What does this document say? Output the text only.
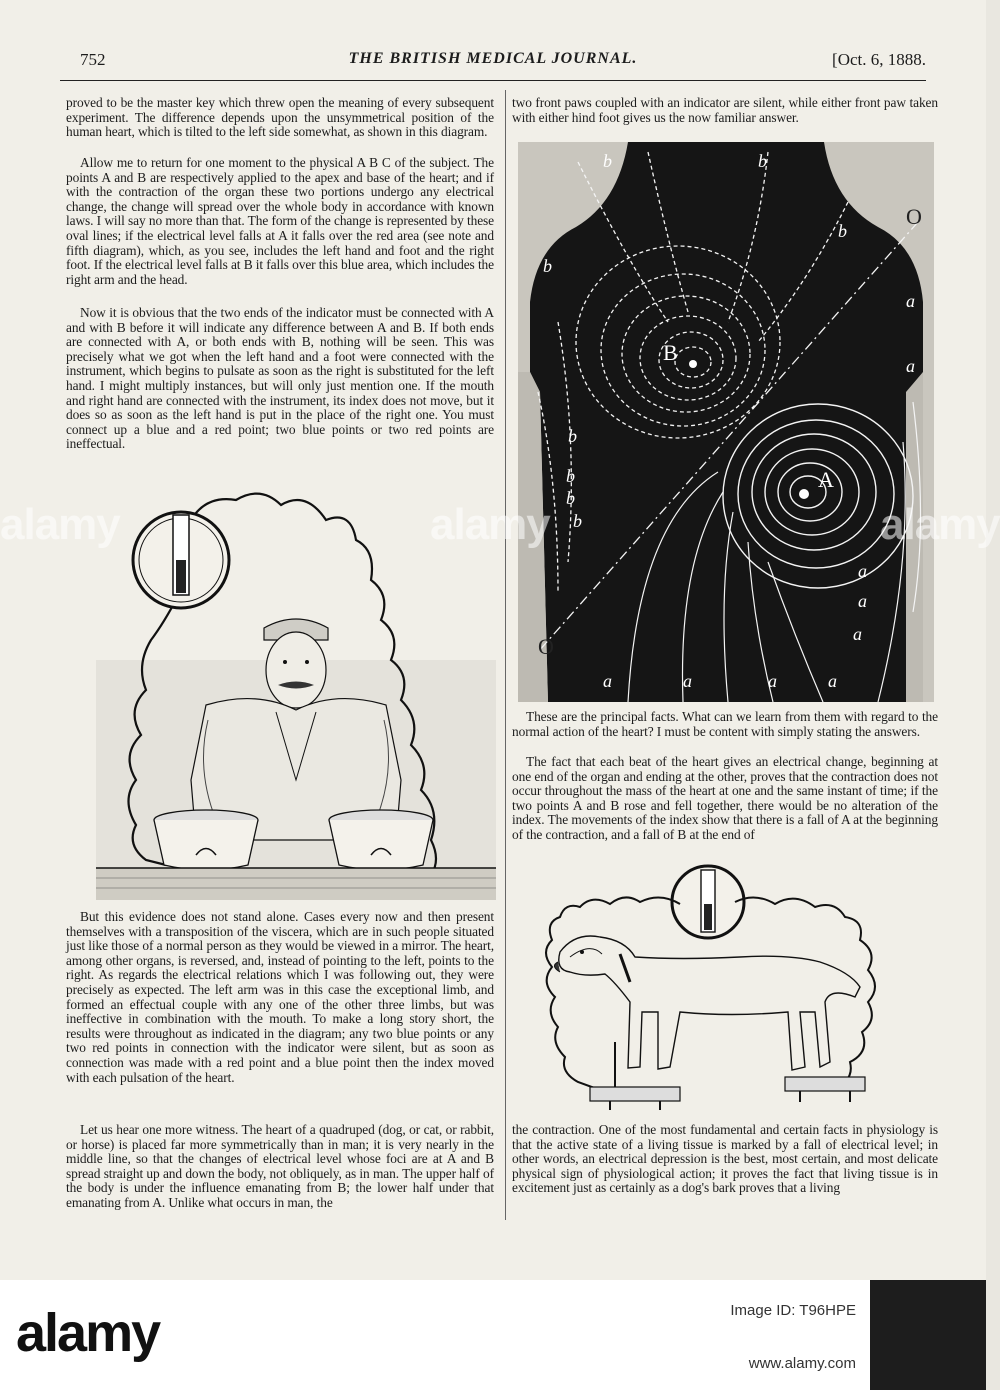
752	THE BRITISH MEDICAL JOURNAL.	[Oct. 6, 1888.

proved to be the master key which threw open the meaning of every subsequent experiment. The difference depends upon the unsymmetrical position of the human heart, which is tilted to the left side somewhat, as shown in this diagram.

Allow me to return for one moment to the physical A B C of the subject. The points A and B are respectively applied to the apex and base of the heart; and if with the contraction of the organ these two portions undergo any electrical change, the change will spread over the whole body in accordance with known laws. I will say no more than that. The form of the change is represented by these oval lines; if the electrical level falls at A it falls over the red area (see note and fifth diagram), which, as you see, includes the left hand and foot and the right foot. If the electrical level falls at B it falls over this blue area, which includes the right arm and the head.

Now it is obvious that the two ends of the indicator must be connected with A and with B before it will indicate any difference between A and B. If both ends are connected with A, or both ends with B, nothing will be seen. This was precisely what we got when the left hand and a foot were connected with the instrument, which begins to pulsate as soon as the right is substituted for the left hand. I might multiply instances, but will only just mention one. If the mouth and right hand are connected with the instrument, its index does not move, but it does so as soon as the left hand is put in the place of the right one. You must connect up a blue and a red point; two blue points or two red points are ineffectual.

But this evidence does not stand alone. Cases every now and then present themselves with a transposition of the viscera, which are in such people situated just like those of a normal person as they would be viewed in a mirror. The heart, among other organs, is reversed, and, instead of pointing to the left, points to the right. As regards the electrical relations which I was following out, they were precisely as expected. The left arm was in this case the exceptional limb, and formed an effectual couple with any one of the other three limbs, but was ineffective in combination with the mouth. To make a long story short, the results were throughout as indicated in the diagram; any two blue points or any two red points in connection with the indicator were silent, but as soon as connection was made with a red point and a blue point then the index moved with each pulsation of the heart.

Let us hear one more witness. The heart of a quadruped (dog, or cat, or rabbit, or horse) is placed far more symmetrically than in man; it is very nearly in the middle line, so that the changes of electrical level whose foci are at A and B spread straight up and down the body, not obliquely, as in man. The upper half of the body is under the influence emanating from B; the lower half under that emanating from A. Unlike what occurs in man, the

two front paws coupled with an indicator are silent, while either front paw taken with either hind foot gives us the now familiar answer.

A
B
O
O
b	b
b
b
b
b
b
b
a
a
a
a
a
a	a	a	a

These are the principal facts. What can we learn from them with regard to the normal action of the heart? I must be content with simply stating the answers.

The fact that each beat of the heart gives an electrical change, beginning at one end of the organ and ending at the other, proves that the contraction does not occur throughout the mass of the heart at one and the same instant of time; if the two points A and B rose and fell together, there would be no alteration of the index. The movements of the index show that there is a fall of A at the beginning of the contraction, and a fall of B at the end of

the contraction. One of the most fundamental and certain facts in physiology is that the active state of a living tissue is marked by a fall of electrical level; in other words, an electrical depression is the best, most certain, and most delicate physical sign of physiological action; it proves the fact that living tissue is in excitement just as certainly as a dog's bark proves that a living

alamy	alamy	alamy
alamy	Image ID: T96HPE
www.alamy.com
